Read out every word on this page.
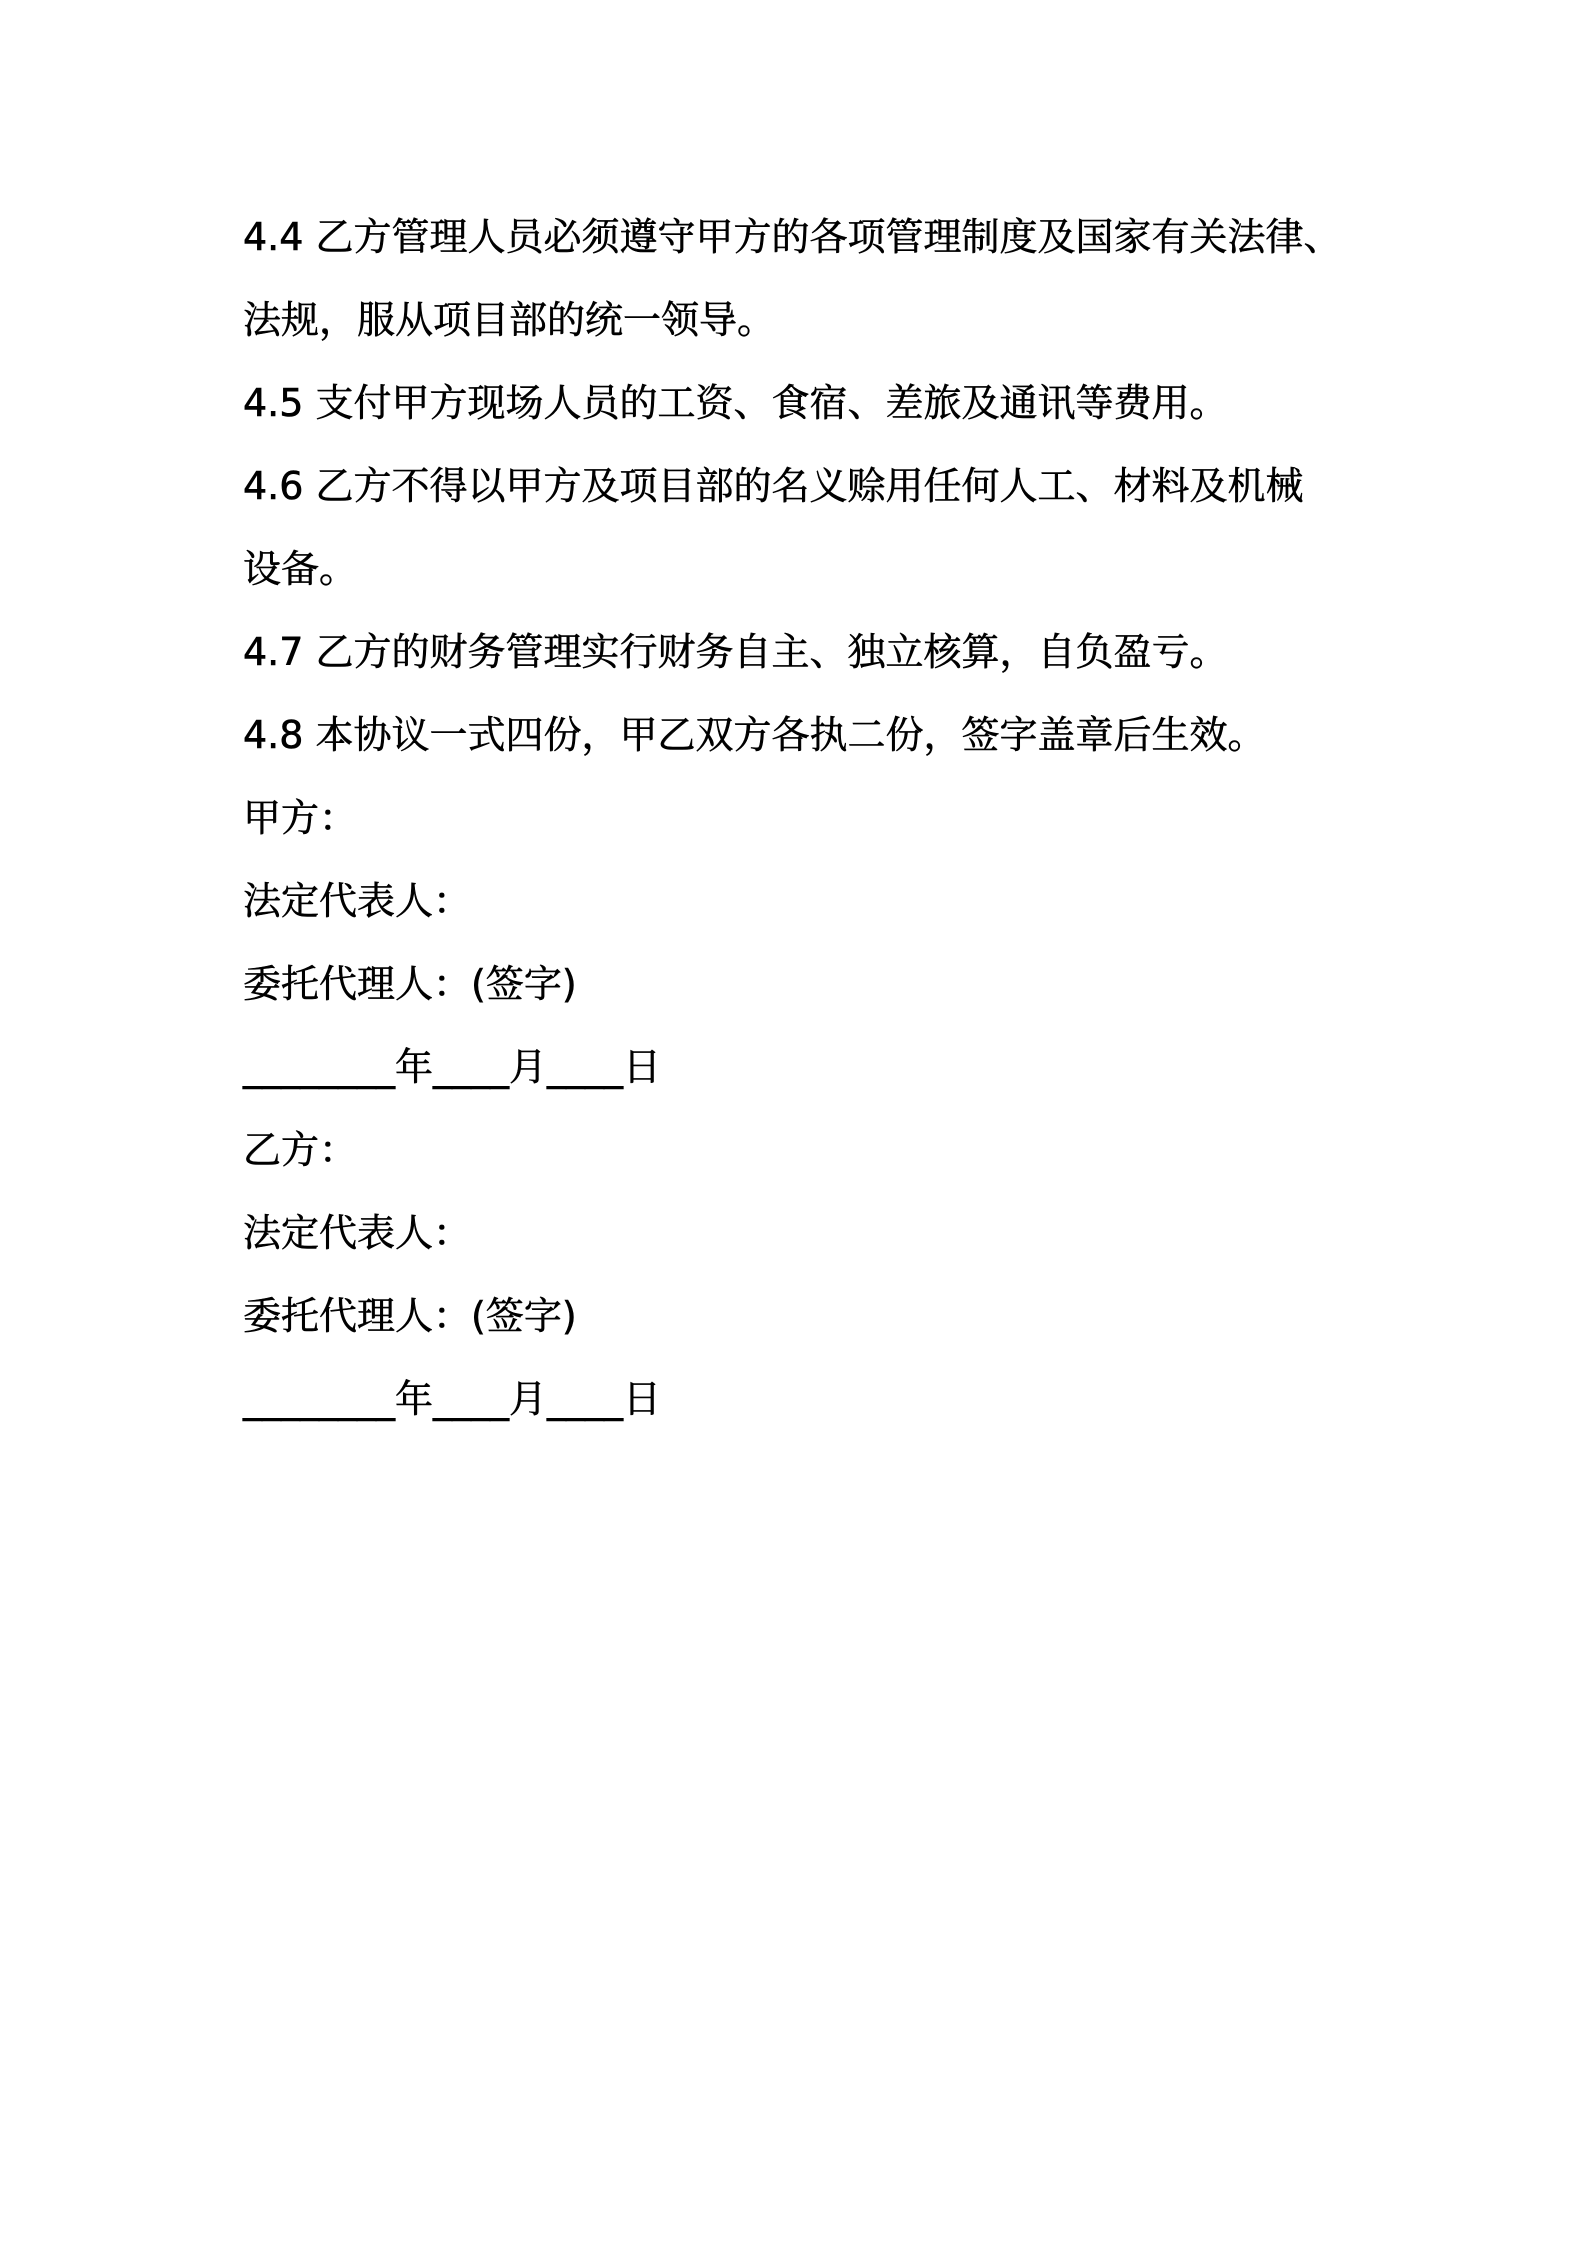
4.4 乙方管理人员必须遵守甲方的各项管理制度及国家有关法律、
法规，服从项目部的统一领导。
4.5 支付甲方现场人员的工资、食宿、差旅及通讯等费用。
4.6 乙方不得以甲方及项目部的名义赊用任何人工、材料及机械
设备。
4.7 乙方的财务管理实行财务自主、独立核算，自负盈亏。
4.8 本协议一式四份，甲乙双方各执二份，签字盖章后生效。
甲方：
法定代表人：
委托代理人：(签字)
________年____月____日
乙方：
法定代表人：
委托代理人：(签字)
________年____月____日
